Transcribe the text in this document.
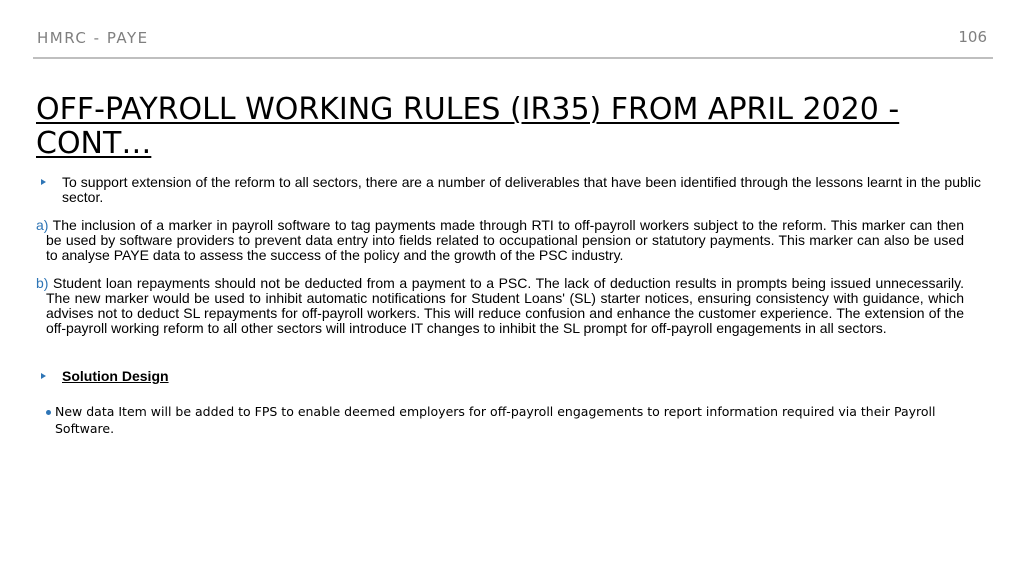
HMRC - PAYE	106
OFF-PAYROLL WORKING RULES (IR35) FROM APRIL 2020 - CONT…

To support extension of the reform to all sectors, there are a number of deliverables that have been identified through the lessons learnt in the public sector.

a) The inclusion of a marker in payroll software to tag payments made through RTI to off-payroll workers subject to the reform. This marker can then be used by software providers to prevent data entry into fields related to occupational pension or statutory payments. This marker can also be used to analyse PAYE data to assess the success of the policy and the growth of the PSC industry.

b) Student loan repayments should not be deducted from a payment to a PSC. The lack of deduction results in prompts being issued unnecessarily. The new marker would be used to inhibit automatic notifications for Student Loans' (SL) starter notices, ensuring consistency with guidance, which advises not to deduct SL repayments for off-payroll workers. This will reduce confusion and enhance the customer experience. The extension of the off-payroll working reform to all other sectors will introduce IT changes to inhibit the SL prompt for off-payroll engagements in all sectors.

Solution Design
New data Item will be added to FPS to enable deemed employers for off-payroll engagements to report information required via their Payroll Software.
